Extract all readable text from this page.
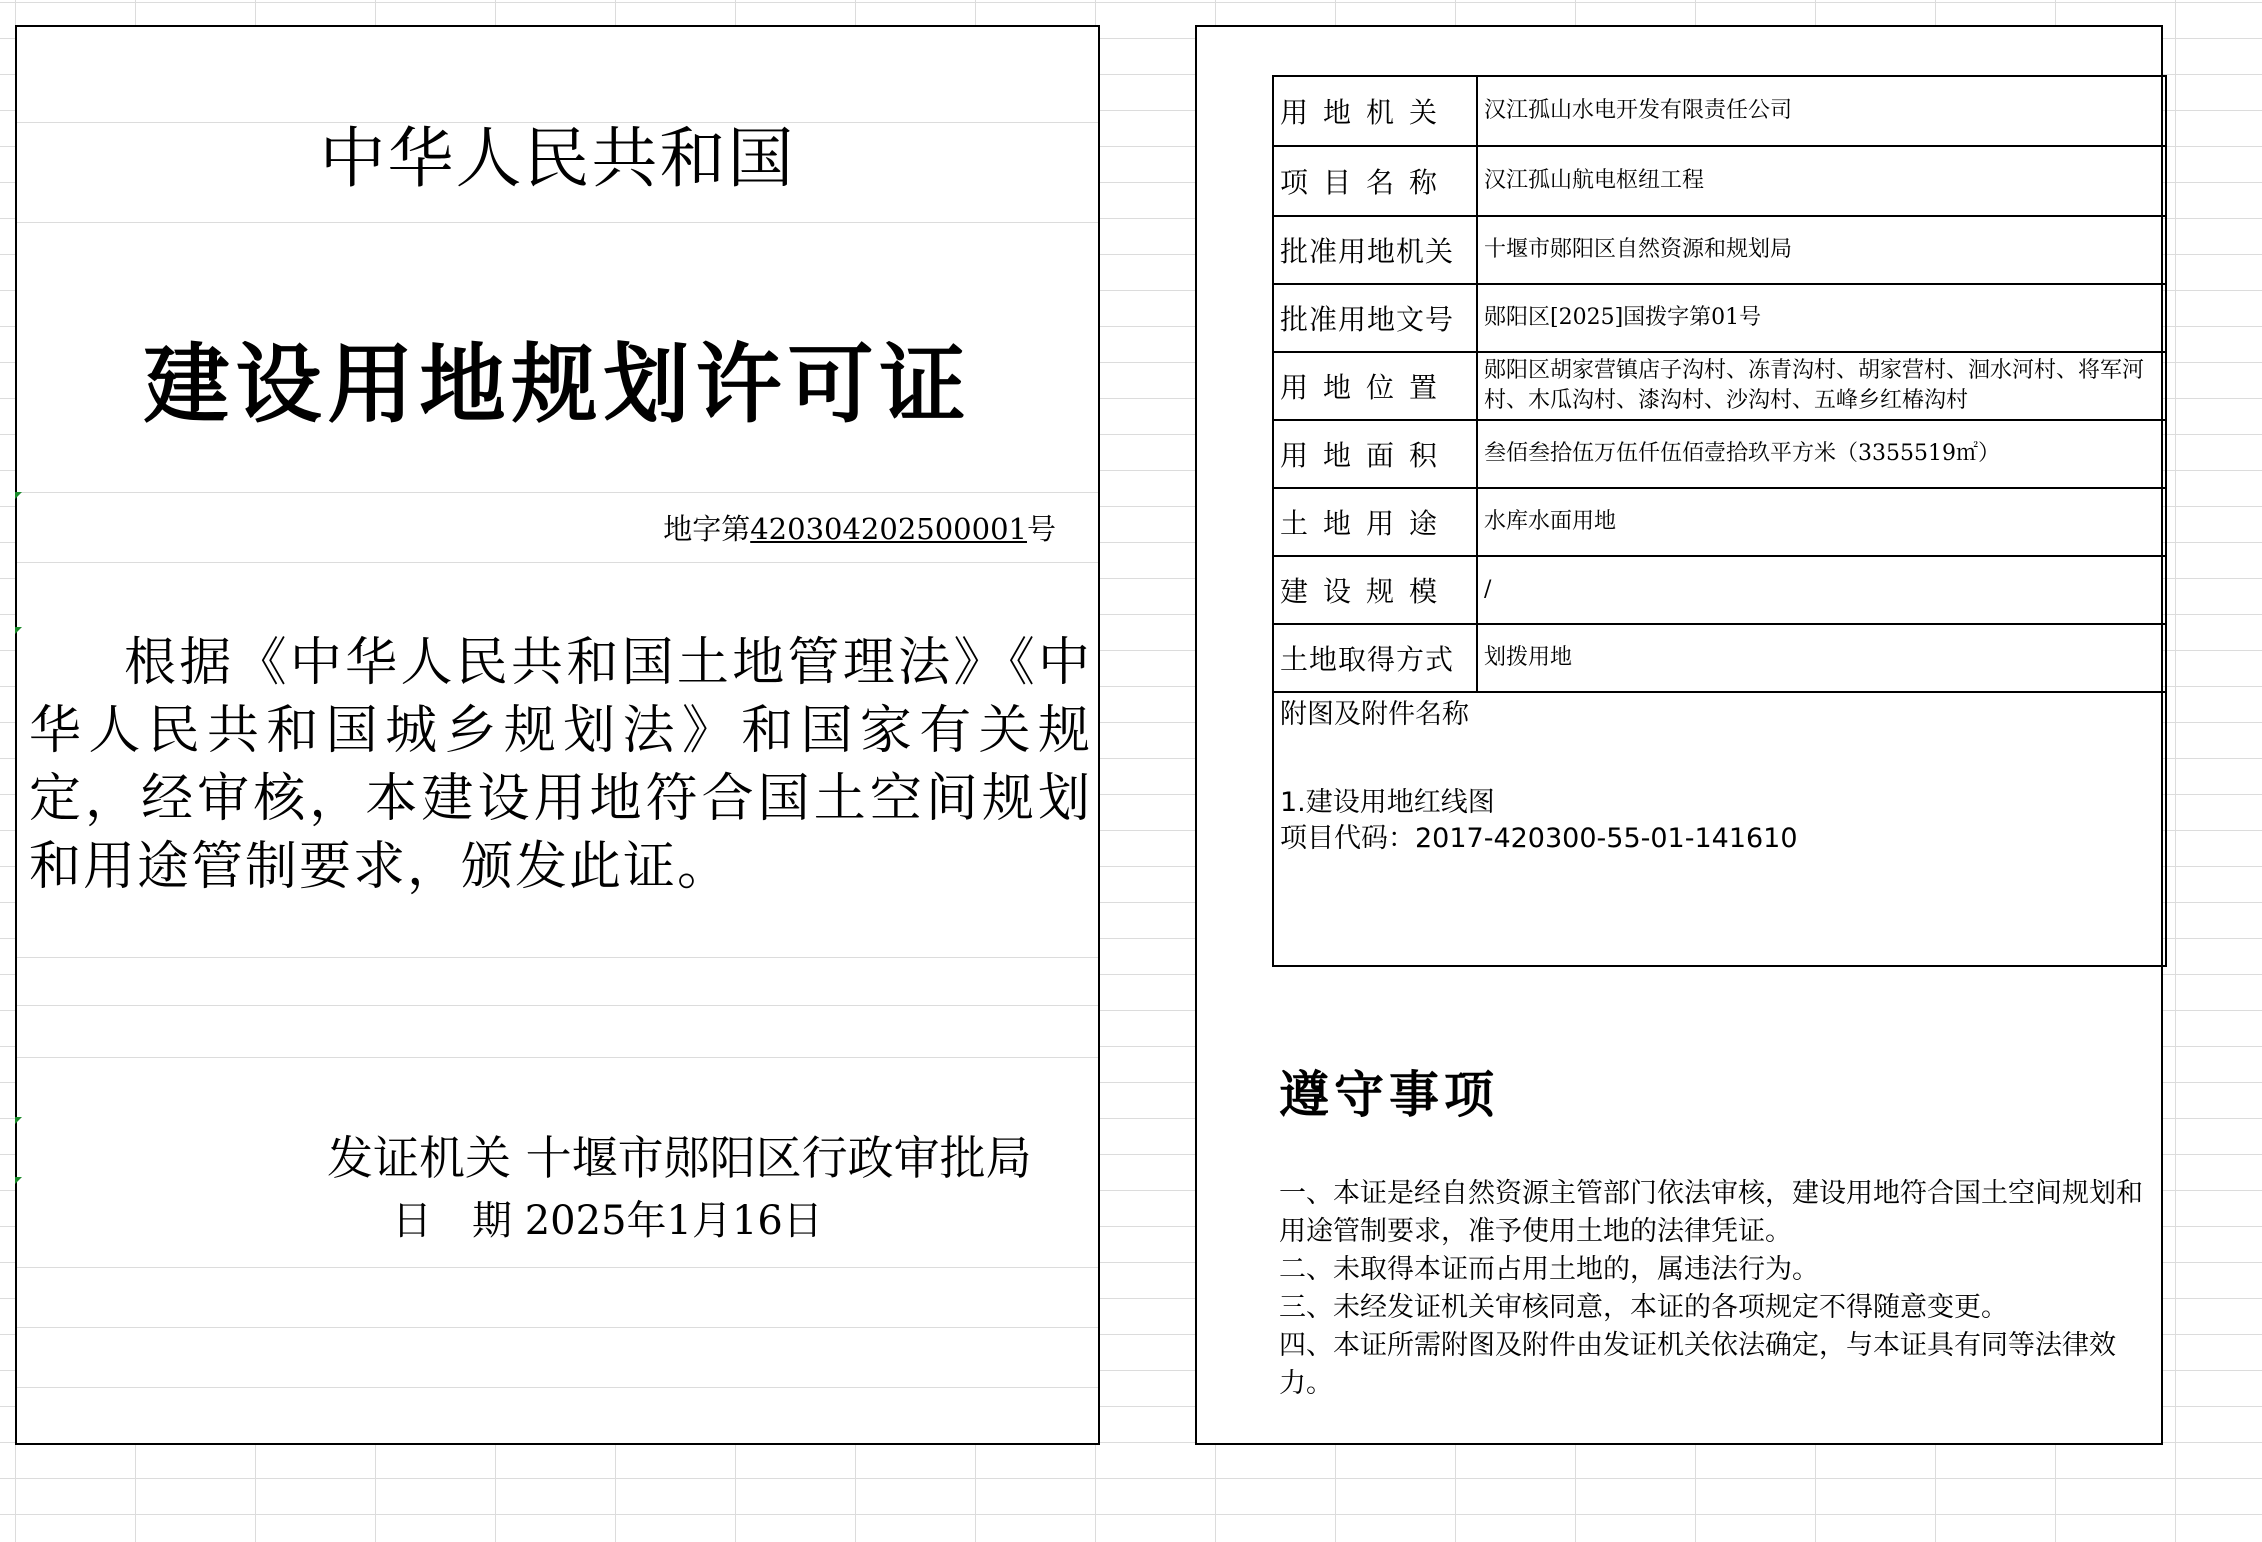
中华人民共和国
建设用地规划许可证
地字第420304202500001号
根据《中华人民共和国土地管理法》《中华人民共和国城乡规划法》和国家有关规定，经审核，本建设用地符合国土空间规划和用途管制要求，颁发此证。
发证机关 十堰市郧阳区行政审批局
日　期 2025年1月16日
用地机关	汉江孤山水电开发有限责任公司
项目名称	汉江孤山航电枢纽工程
批准用地机关	十堰市郧阳区自然资源和规划局
批准用地文号	郧阳区[2025]国拨字第01号
用地位置	郧阳区胡家营镇店子沟村、冻青沟村、胡家营村、洄水河村、将军河村、木瓜沟村、漆沟村、沙沟村、五峰乡红椿沟村
用地面积	叁佰叁拾伍万伍仟伍佰壹拾玖平方米（3355519㎡）
土地用途	水库水面用地
建设规模	/
土地取得方式	划拨用地

附图及附件名称
1.建设用地红线图
项目代码：2017-420300-55-01-141610	
遵守事项
一、本证是经自然资源主管部门依法审核，建设用地符合国土空间规划和用途管制要求，准予使用土地的法律凭证。
二、未取得本证而占用土地的，属违法行为。
三、未经发证机关审核同意，本证的各项规定不得随意变更。
四、本证所需附图及附件由发证机关依法确定，与本证具有同等法律效力。
